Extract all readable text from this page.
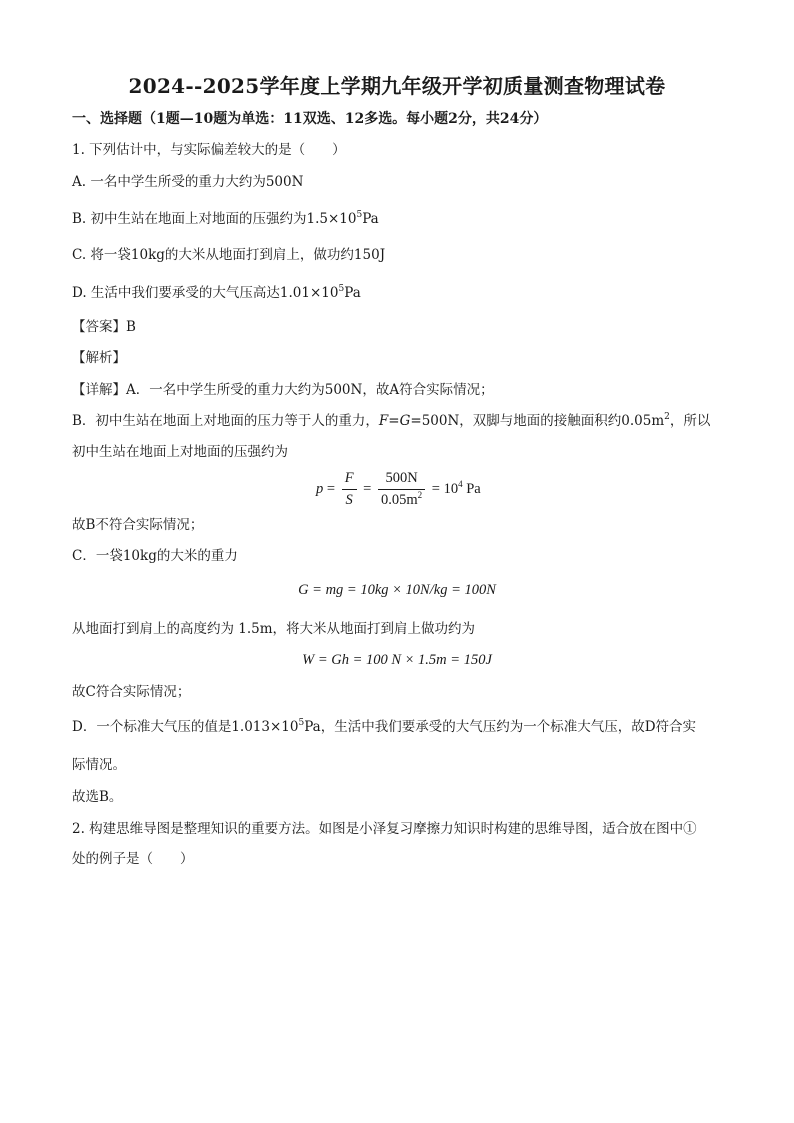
2024--2025学年度上学期九年级开学初质量测查物理试卷
一、选择题（1题—10题为单选：11双选、12多选。每小题2分，共24分）
1. 下列估计中，与实际偏差较大的是（　　）
A. 一名中学生所受的重力大约为500N
B. 初中生站在地面上对地面的压强约为$1.5\times 10^5Pa$
C. 将一袋10kg的大米从地面打到肩上，做功约150J
D. 生活中我们要承受的大气压高达$1.01\times 10^5Pa$
【答案】B
【解析】
【详解】A．一名中学生所受的重力大约为500N，故A符合实际情况；
B．初中生站在地面上对地面的压力等于人的重力，F=G=500N，双脚与地面的接触面积约$0.05m^2$，所以
初中生站在地面上对地面的压强约为
$p = \frac{F}{S} = \frac{500N}{0.05m^2} = 10^4$ Pa
故B不符合实际情况；
C．一袋10kg的大米的重力
G = mg = 10kg × 10N/kg = 100N
从地面打到肩上的高度约为 1.5m，将大米从地面打到肩上做功约为
W = Gh = 100 N × 1.5m = 150J
故C符合实际情况；
D．一个标准大气压的值是$1.013\times 10^5Pa$，生活中我们要承受的大气压约为一个标准大气压，故D符合实
际情况。
故选B。
2. 构建思维导图是整理知识的重要方法。如图是小泽复习摩擦力知识时构建的思维导图，适合放在图中①
处的例子是（　　）
